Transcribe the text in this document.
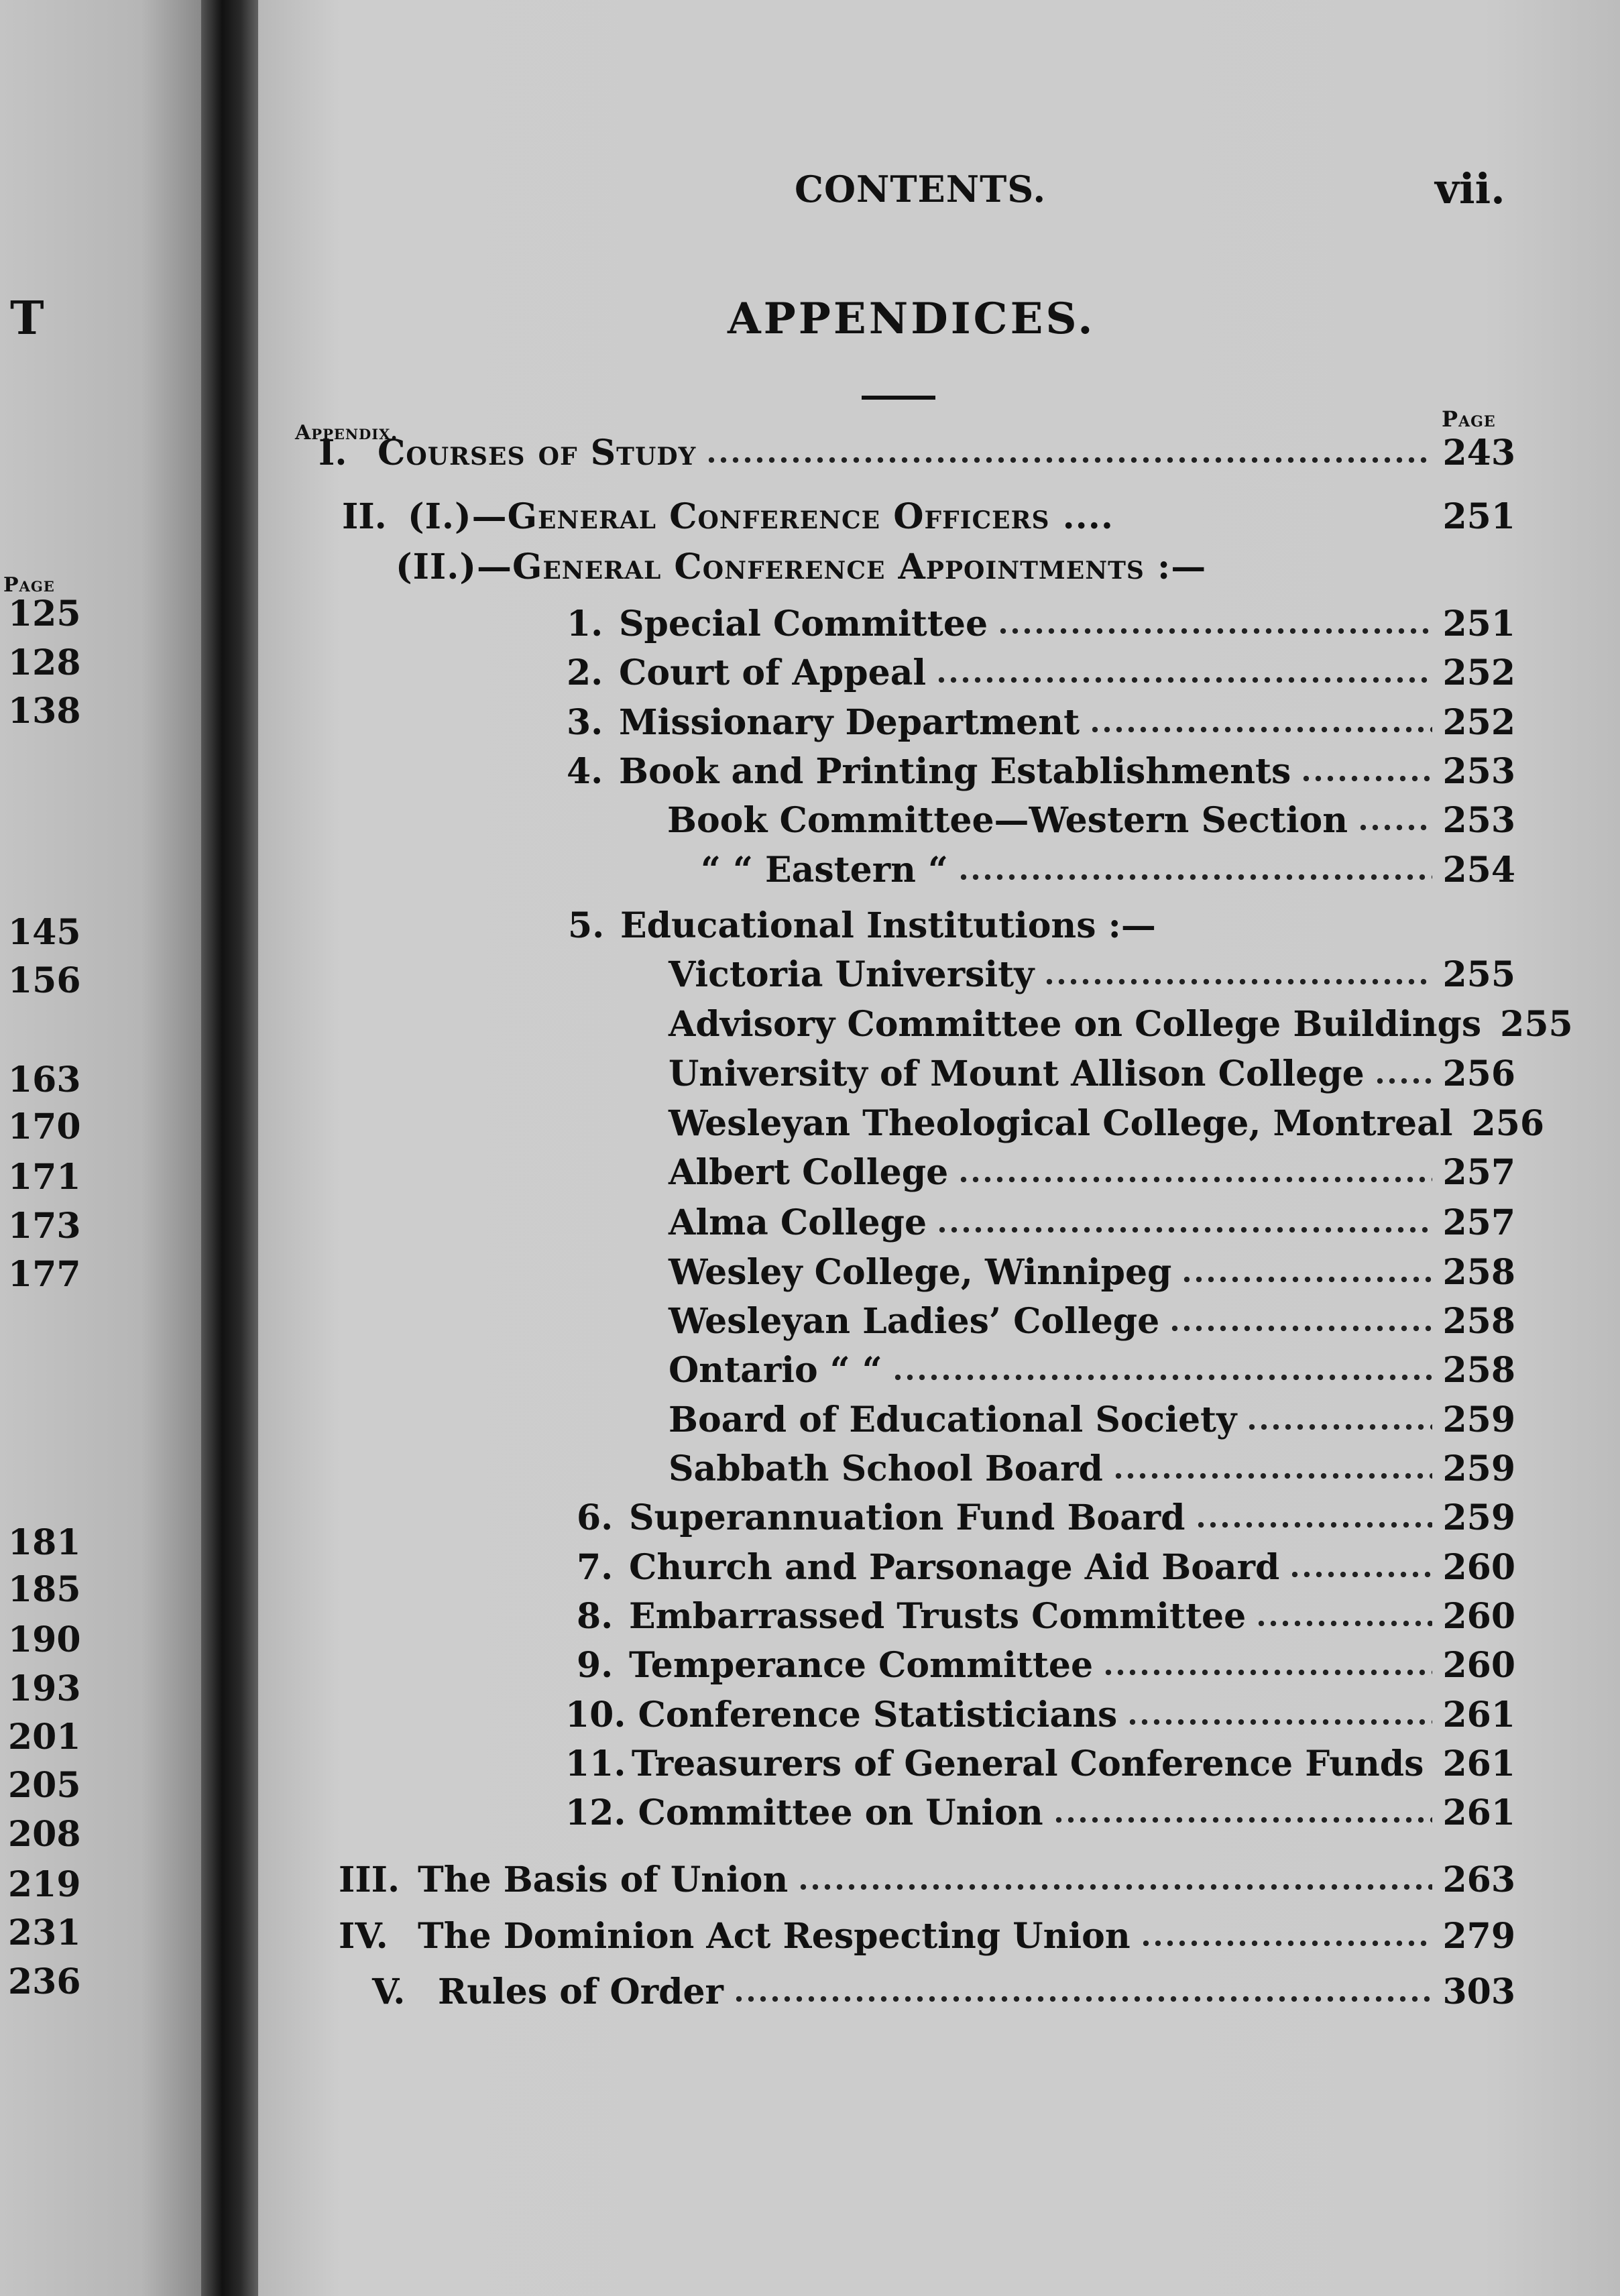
T
Page
125
128
138
145
156
163
170
171
173
177
181
185
190
193
201
205
208
219
231
236
CONTENTS.	vii.
APPENDICES.
Appendix.
Page
I. Courses of Study	243
II. (I.)—General Conference Officers ....	251
(II.)—General Conference Appointments :—
1. Special Committee	251
2. Court of Appeal	252
3. Missionary Department	252
4. Book and Printing Establishments	253
Book Committee—Western Section	253
“ “ Eastern “	254
5. Educational Institutions :—
Victoria University	255
Advisory Committee on College Buildings 255
University of Mount Allison College 256
Wesleyan Theological College, Montreal 256
Albert College	257
Alma College	257
Wesley College, Winnipeg	258
Wesleyan Ladies’ College	258
Ontario “ “	258
Board of Educational Society	259
Sabbath School Board	259
6. Superannuation Fund Board	259
7. Church and Parsonage Aid Board	260
8. Embarrassed Trusts Committee	260
9. Temperance Committee	260
10. Conference Statisticians	261
11. Treasurers of General Conference Funds 261
12. Committee on Union	261
III. The Basis of Union	263
IV. The Dominion Act Respecting Union	279
V. Rules of Order	303
